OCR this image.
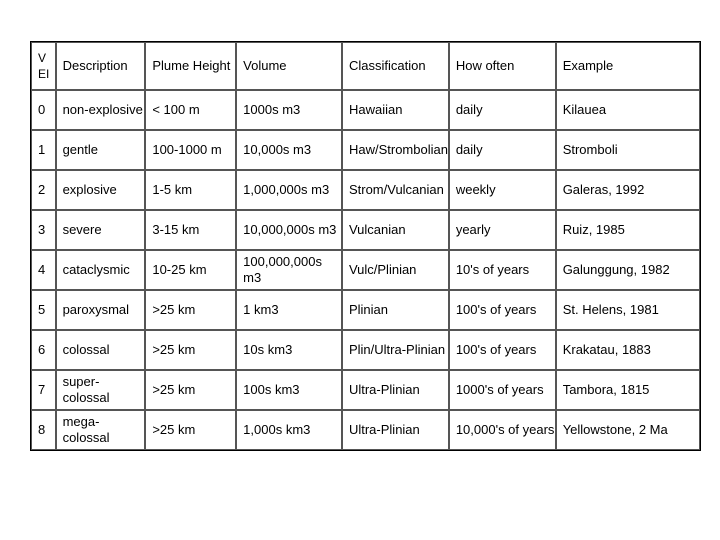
V EI	Description	Plume Height	Volume	Classification	How often	Example
0	non-explosive	< 100 m	1000s m3	Hawaiian	daily	Kilauea
1	gentle	100-1000 m	10,000s m3	Haw/Strombolian	daily	Stromboli
2	explosive	1-5 km	1,000,000s m3	Strom/Vulcanian	weekly	Galeras, 1992
3	severe	3-15 km	10,000,000s m3	Vulcanian	yearly	Ruiz, 1985
4	cataclysmic	10-25 km	100,000,000s m3	Vulc/Plinian	10's of years	Galunggung, 1982
5	paroxysmal	>25 km	1 km3	Plinian	100's of years	St. Helens, 1981
6	colossal	>25 km	10s km3	Plin/Ultra-Plinian	100's of years	Krakatau, 1883
7	super-colossal	>25 km	100s km3	Ultra-Plinian	1000's of years	Tambora, 1815
8	mega-colossal	>25 km	1,000s km3	Ultra-Plinian	10,000's of years	Yellowstone, 2 Ma
